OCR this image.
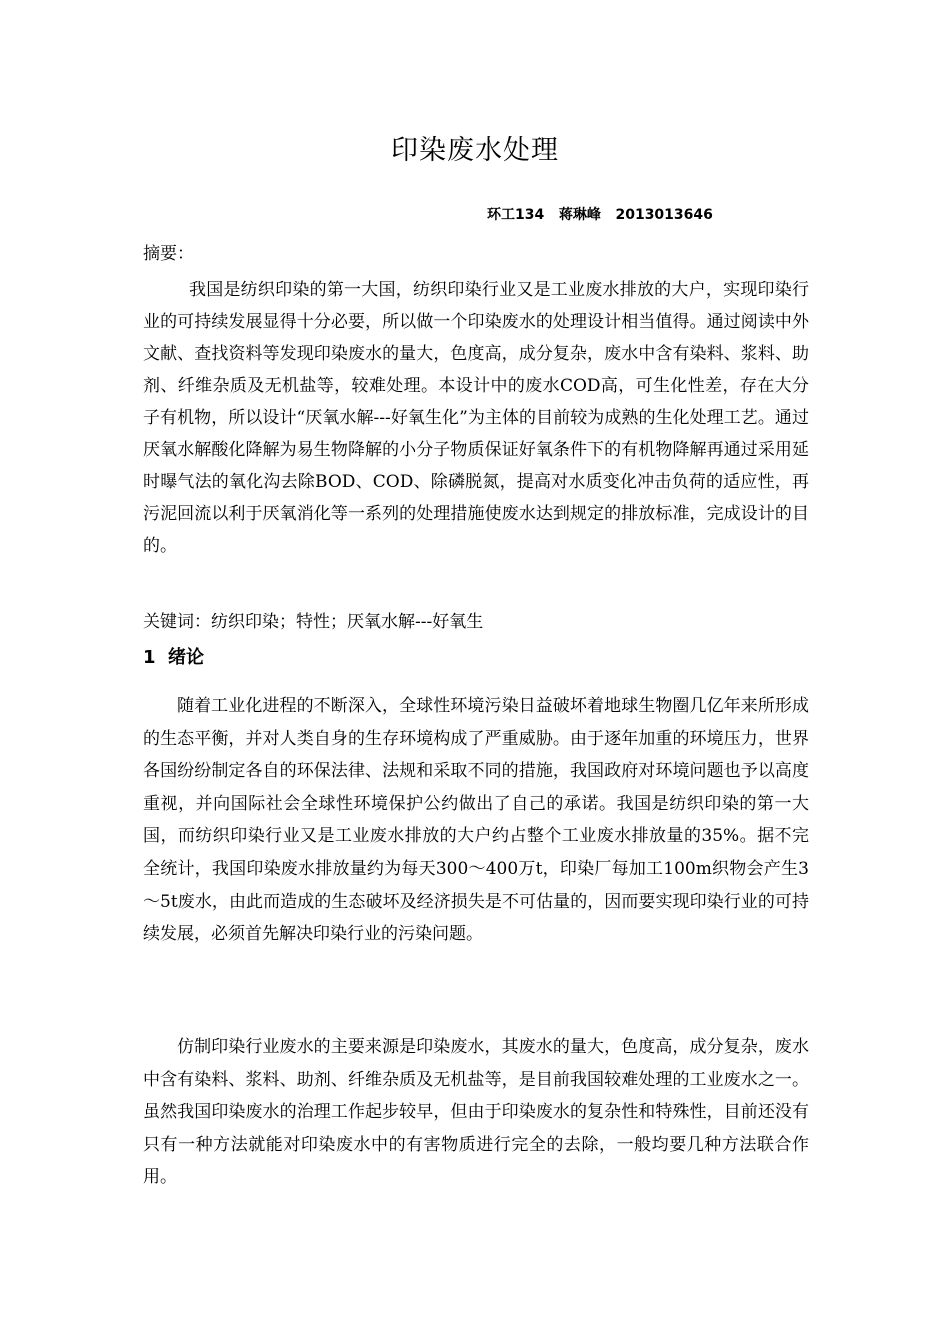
印染废水处理
环工134   蒋琳峰   2013013646

摘要：

我国是纺织印染的第一大国，纺织印染行业又是工业废水排放的大户，实现印染行业的可持续发展显得十分必要，所以做一个印染废水的处理设计相当值得。通过阅读中外文献、查找资料等发现印染废水的量大，色度高，成分复杂，废水中含有染料、浆料、助剂、纤维杂质及无机盐等，较难处理。本设计中的废水COD高，可生化性差，存在大分子有机物，所以设计“厌氧水解---好氧生化”为主体的目前较为成熟的生化处理工艺。通过厌氧水解酸化降解为易生物降解的小分子物质保证好氧条件下的有机物降解再通过采用延时曝气法的氧化沟去除BOD、COD、除磷脱氮，提高对水质变化冲击负荷的适应性，再污泥回流以利于厌氧消化等一系列的处理措施使废水达到规定的排放标准，完成设计的目的。

关键词：纺织印染；特性；厌氧水解---好氧生

1  绪论

随着工业化进程的不断深入，全球性环境污染日益破坏着地球生物圈几亿年来所形成的生态平衡，并对人类自身的生存环境构成了严重威胁。由于逐年加重的环境压力，世界各国纷纷制定各自的环保法律、法规和采取不同的措施，我国政府对环境问题也予以高度重视，并向国际社会全球性环境保护公约做出了自己的承诺。我国是纺织印染的第一大国，而纺织印染行业又是工业废水排放的大户约占整个工业废水排放量的35%。据不完全统计，我国印染废水排放量约为每天300～400万t，印染厂每加工100m织物会产生3～5t废水，由此而造成的生态破坏及经济损失是不可估量的，因而要实现印染行业的可持续发展，必须首先解决印染行业的污染问题。

仿制印染行业废水的主要来源是印染废水，其废水的量大，色度高，成分复杂，废水中含有染料、浆料、助剂、纤维杂质及无机盐等，是目前我国较难处理的工业废水之一。虽然我国印染废水的治理工作起步较早，但由于印染废水的复杂性和特殊性，目前还没有只有一种方法就能对印染废水中的有害物质进行完全的去除，一般均要几种方法联合作用。
